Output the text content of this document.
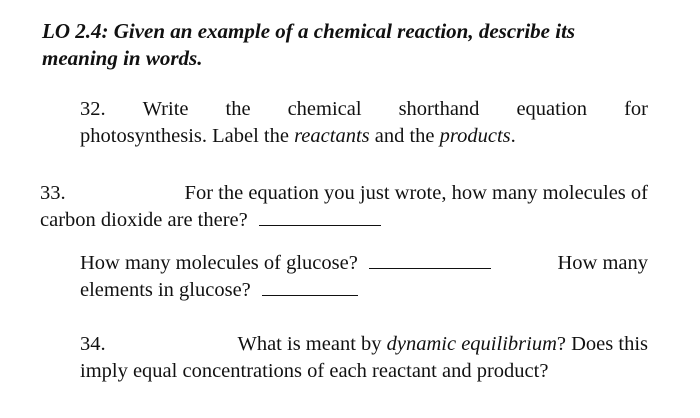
LO 2.4: Given an example of a chemical reaction, describe its
meaning in words.
32. Write the chemical shorthand equation for
photosynthesis. Label the reactants and the products.
33.	For the equation you just wrote, how many molecules of
carbon dioxide are there?
How many molecules of glucose?	How many
elements in glucose?
34.	What is meant by dynamic equilibrium? Does this
imply equal concentrations of each reactant and product?
